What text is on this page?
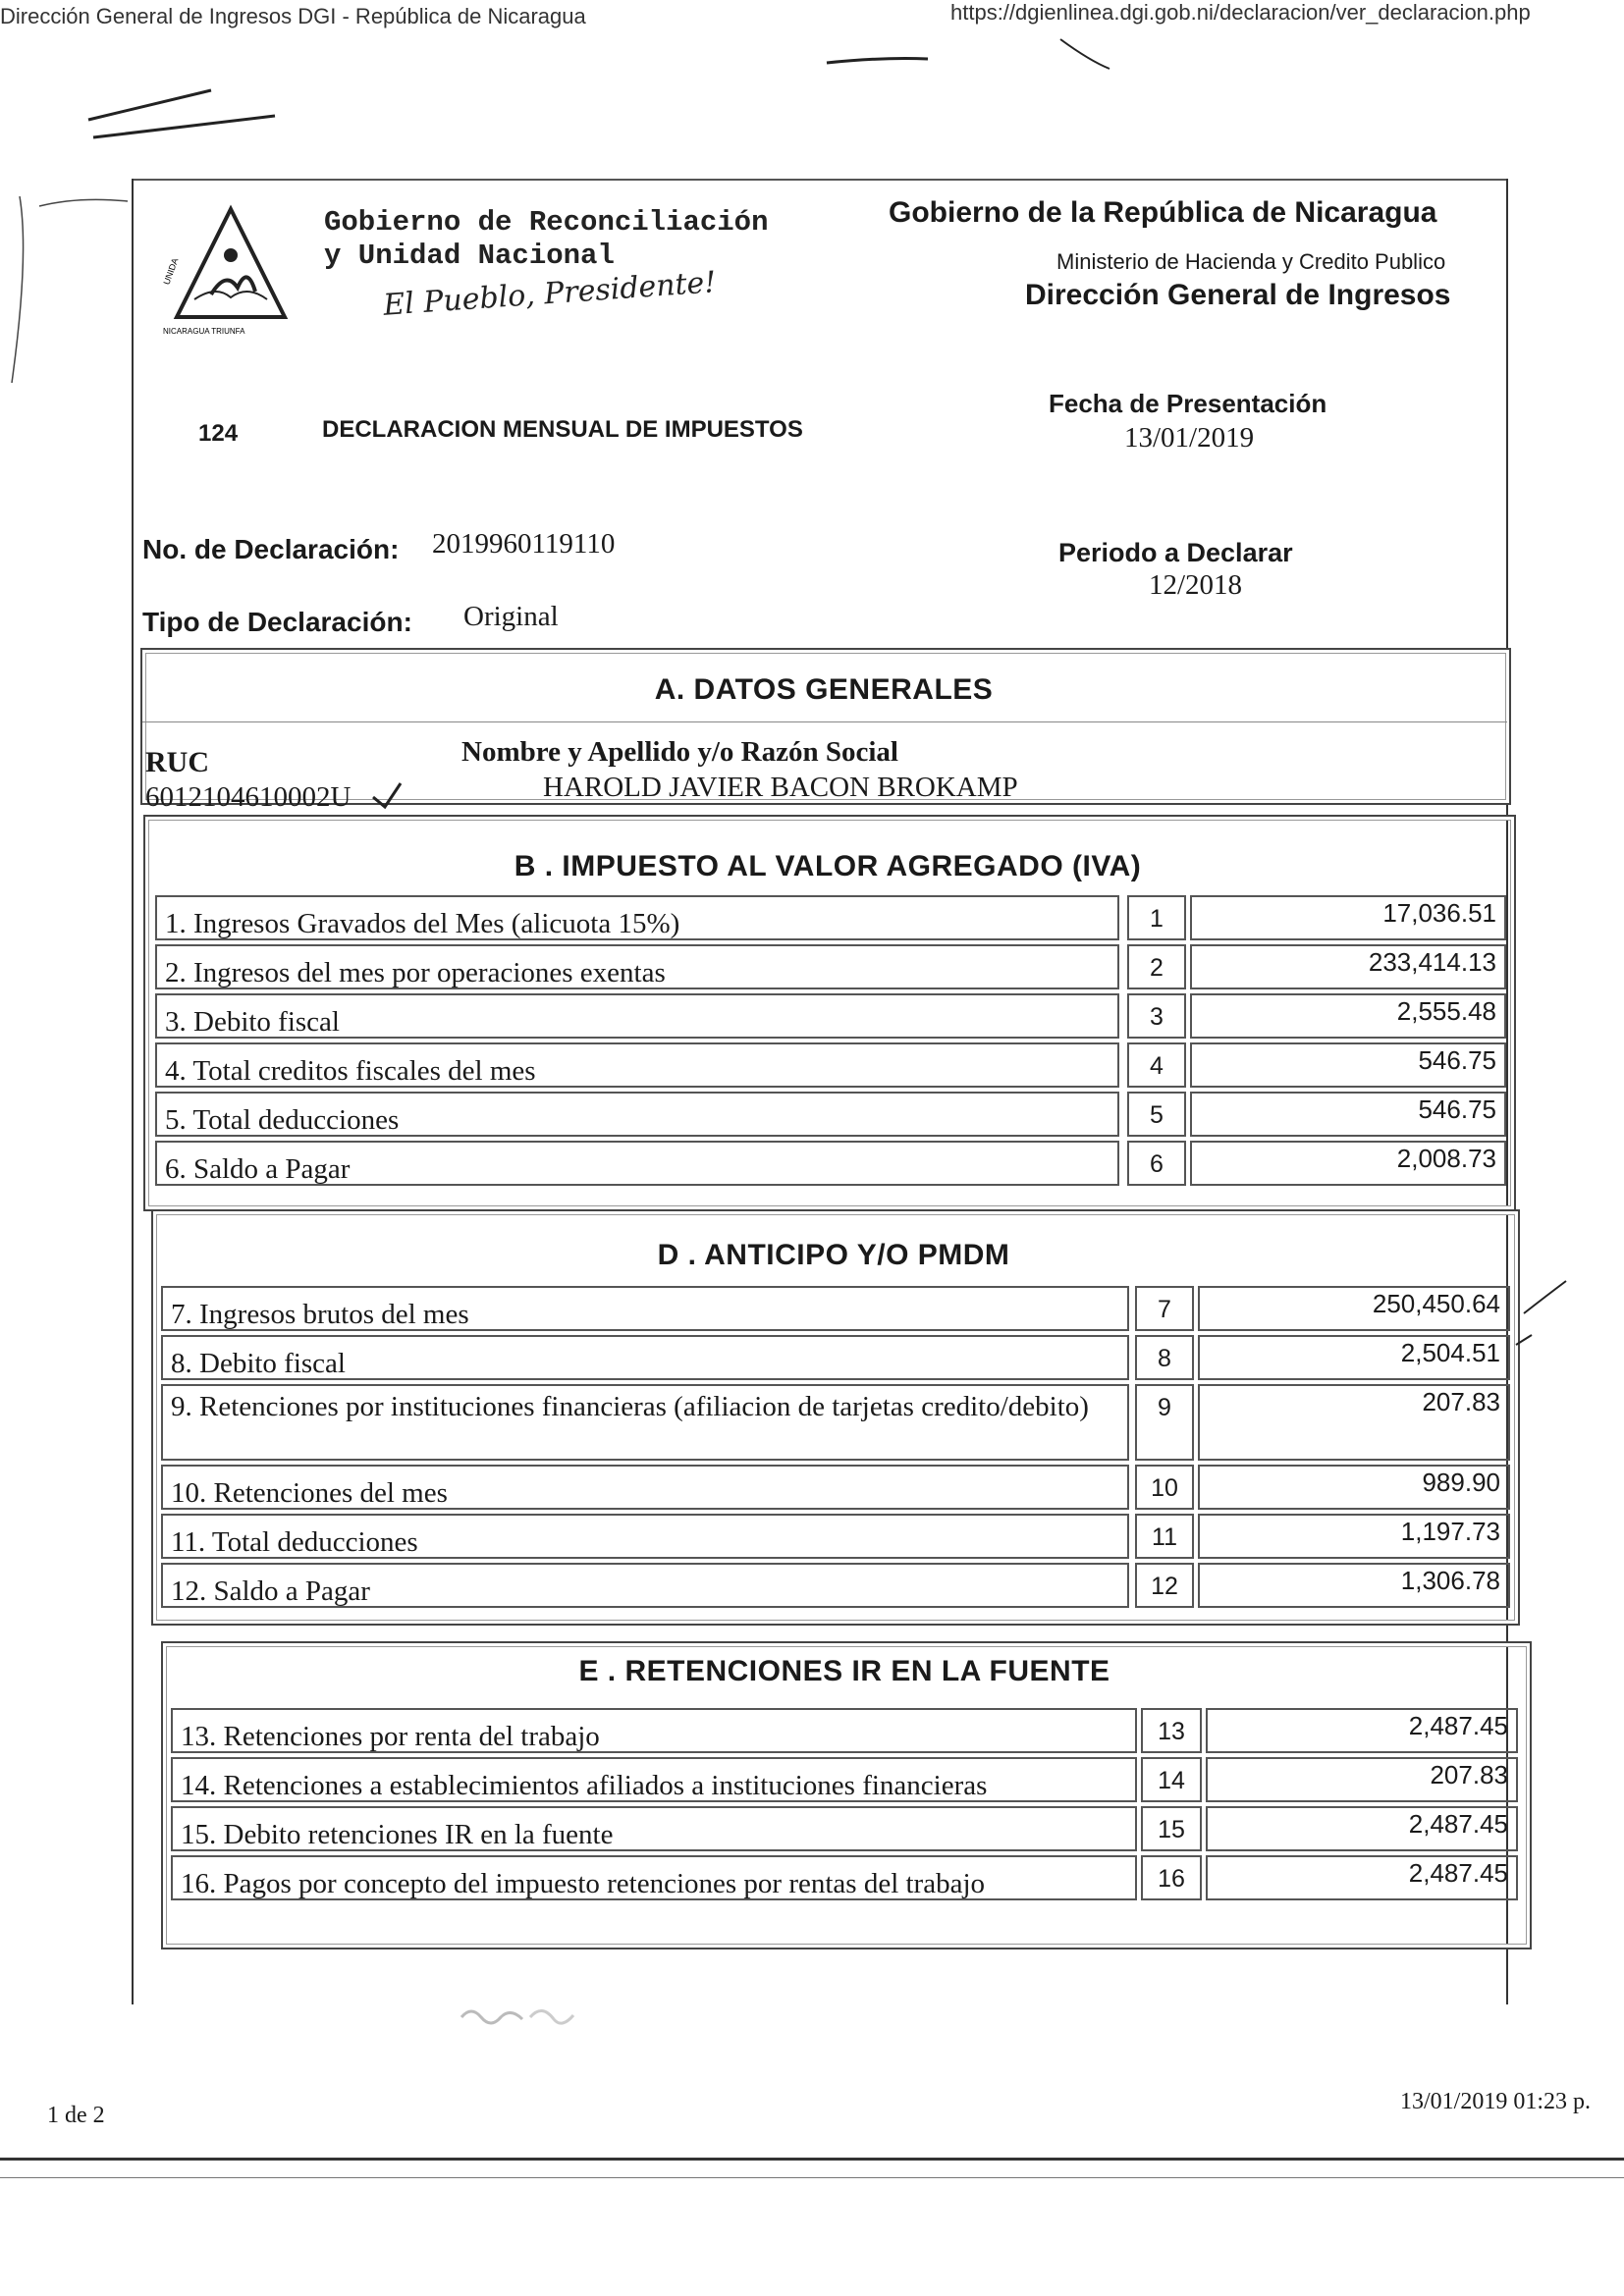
Dirección General de Ingresos DGI - República de Nicaragua	https://dgienlinea.dgi.gob.ni/declaracion/ver_declaracion.php
1 de 2
13/01/2019 01:23 p.
UNIDA
NICARAGUA TRIUNFA
Gobierno de Reconciliación
y Unidad Nacional
El Pueblo, Presidente!
Gobierno de la República de Nicaragua
Ministerio de Hacienda y Credito Publico
Dirección General de Ingresos
124	DECLARACION MENSUAL DE IMPUESTOS
Fecha de Presentación
13/01/2019
No. de Declaración: 2019960119110	Periodo a Declarar
12/2018
Tipo de Declaración: Original
A. DATOS GENERALES
RUC	Nombre y Apellido y/o Razón Social
6012104610002U	HAROLD JAVIER BACON BROKAMP
B . IMPUESTO AL VALOR AGREGADO (IVA)
1. Ingresos Gravados del Mes (alicuota 15%)	1	17,036.51
2. Ingresos del mes por operaciones exentas	2	233,414.13
3. Debito fiscal	3	2,555.48
4. Total creditos fiscales del mes	4	546.75
5. Total deducciones	5	546.75
6. Saldo a Pagar	6	2,008.73
D . ANTICIPO Y/O PMDM
7. Ingresos brutos del mes	7	250,450.64
8. Debito fiscal	8	2,504.51
9. Retenciones por instituciones financieras (afiliacion de tarjetas credito/debito)	9	207.83
10. Retenciones del mes	10	989.90
11. Total deducciones	11	1,197.73
12. Saldo a Pagar	12	1,306.78
E . RETENCIONES IR EN LA FUENTE
13. Retenciones por renta del trabajo	13	2,487.45
14. Retenciones a establecimientos afiliados a instituciones financieras	14	207.83
15. Debito retenciones IR en la fuente	15	2,487.45
16. Pagos por concepto del impuesto retenciones por rentas del trabajo	16	2,487.45
